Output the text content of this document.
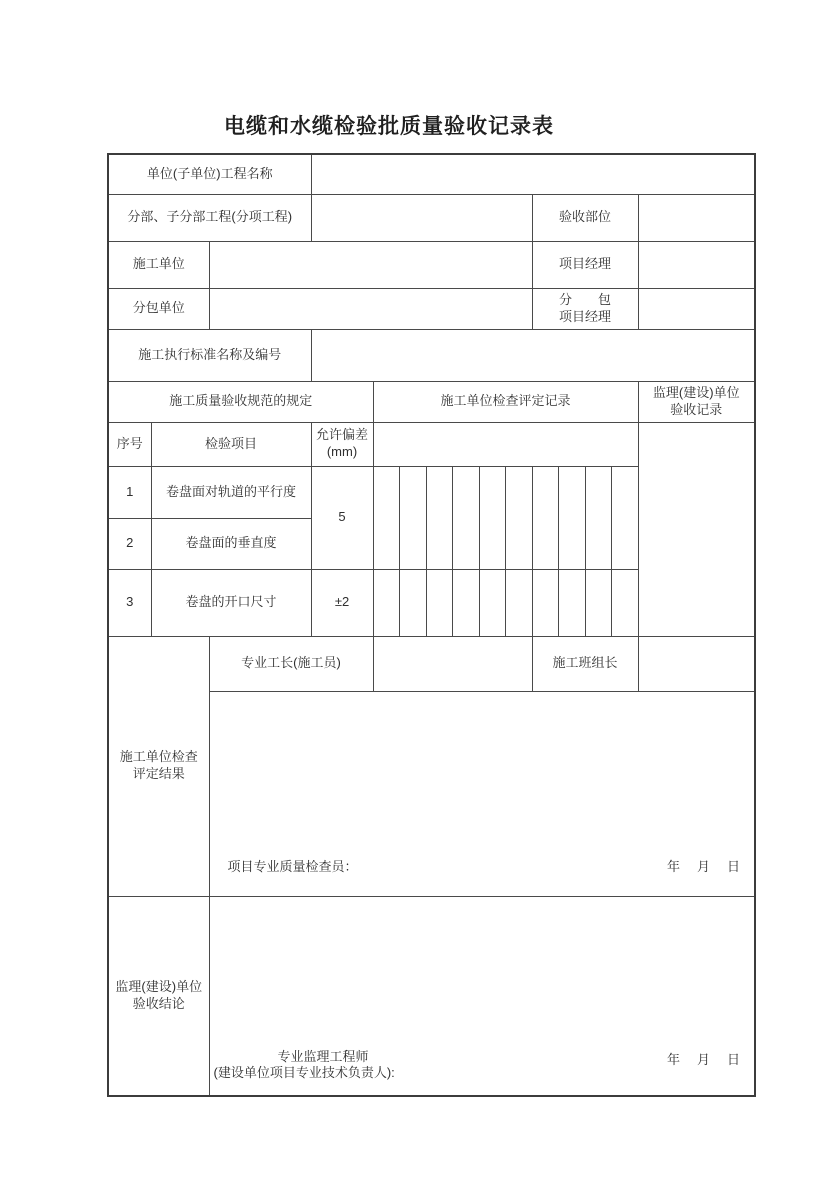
电缆和水缆检验批质量验收记录表
单位(子单位)工程名称														
分部、子分部工程(分项工程)										验收部位				
施工单位										项目经理				
分包单位										分　　包
项目经理				

施工执行标准名称及编号														
施工质量验收规范的规定				施工单位检查评定记录										监理(建设)单位
验收记录

序号	检验项目		允许偏差
(mm)											

1	卷盘面对轨道的平行度		5											
2	卷盘面的垂直度													
3	卷盘的开口尺寸		±2											

施工单位检查
评定结果		专业工长(施工员)								施工班组长				

		项目专业质量检查员： 年　月　日												

监理(建设)单位
验收结论

专业监理工程师
(建设单位项目专业技术负责人):
年　月　日
